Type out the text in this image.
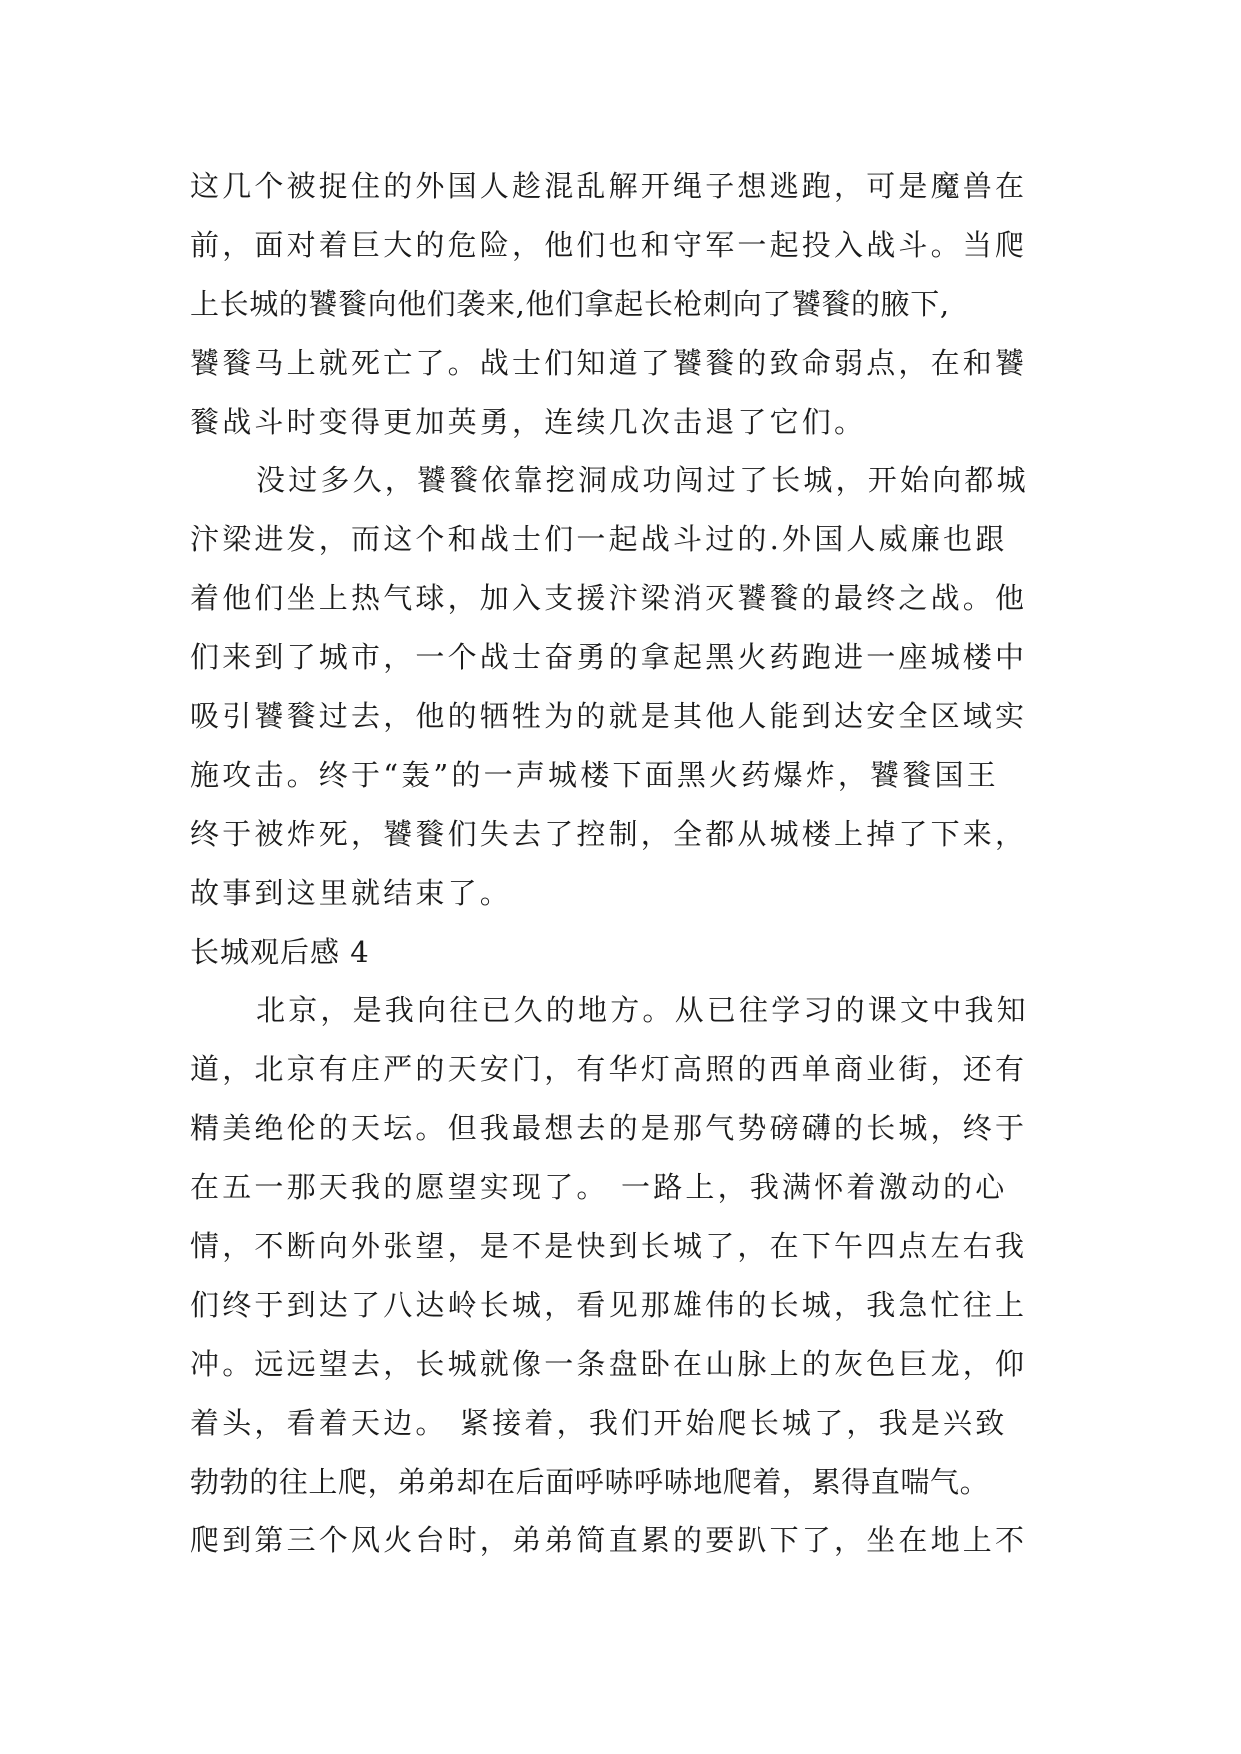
这几个被捉住的外国人趁混乱解开绳子想逃跑，可是魔兽在
前，面对着巨大的危险，他们也和守军一起投入战斗。当爬
上长城的饕餮向他们袭来,他们拿起长枪刺向了饕餮的腋下,
饕餮马上就死亡了。战士们知道了饕餮的致命弱点，在和饕
餮战斗时变得更加英勇，连续几次击退了它们。
没过多久，饕餮依靠挖洞成功闯过了长城，开始向都城
汴梁进发，而这个和战士们一起战斗过的.外国人威廉也跟
着他们坐上热气球，加入支援汴梁消灭饕餮的最终之战。他
们来到了城市，一个战士奋勇的拿起黑火药跑进一座城楼中
吸引饕餮过去，他的牺牲为的就是其他人能到达安全区域实
施攻击。终于“轰”的一声城楼下面黑火药爆炸，饕餮国王
终于被炸死，饕餮们失去了控制，全都从城楼上掉了下来，
故事到这里就结束了。
长城观后感 4
北京，是我向往已久的地方。从已往学习的课文中我知
道，北京有庄严的天安门，有华灯高照的西单商业街，还有
精美绝伦的天坛。但我最想去的是那气势磅礴的长城，终于
在五一那天我的愿望实现了。 一路上，我满怀着激动的心
情，不断向外张望，是不是快到长城了，在下午四点左右我
们终于到达了八达岭长城，看见那雄伟的长城，我急忙往上
冲。远远望去，长城就像一条盘卧在山脉上的灰色巨龙，仰
着头，看着天边。 紧接着，我们开始爬长城了，我是兴致
勃勃的往上爬，弟弟却在后面呼哧呼哧地爬着，累得直喘气。
爬到第三个风火台时，弟弟简直累的要趴下了，坐在地上不
